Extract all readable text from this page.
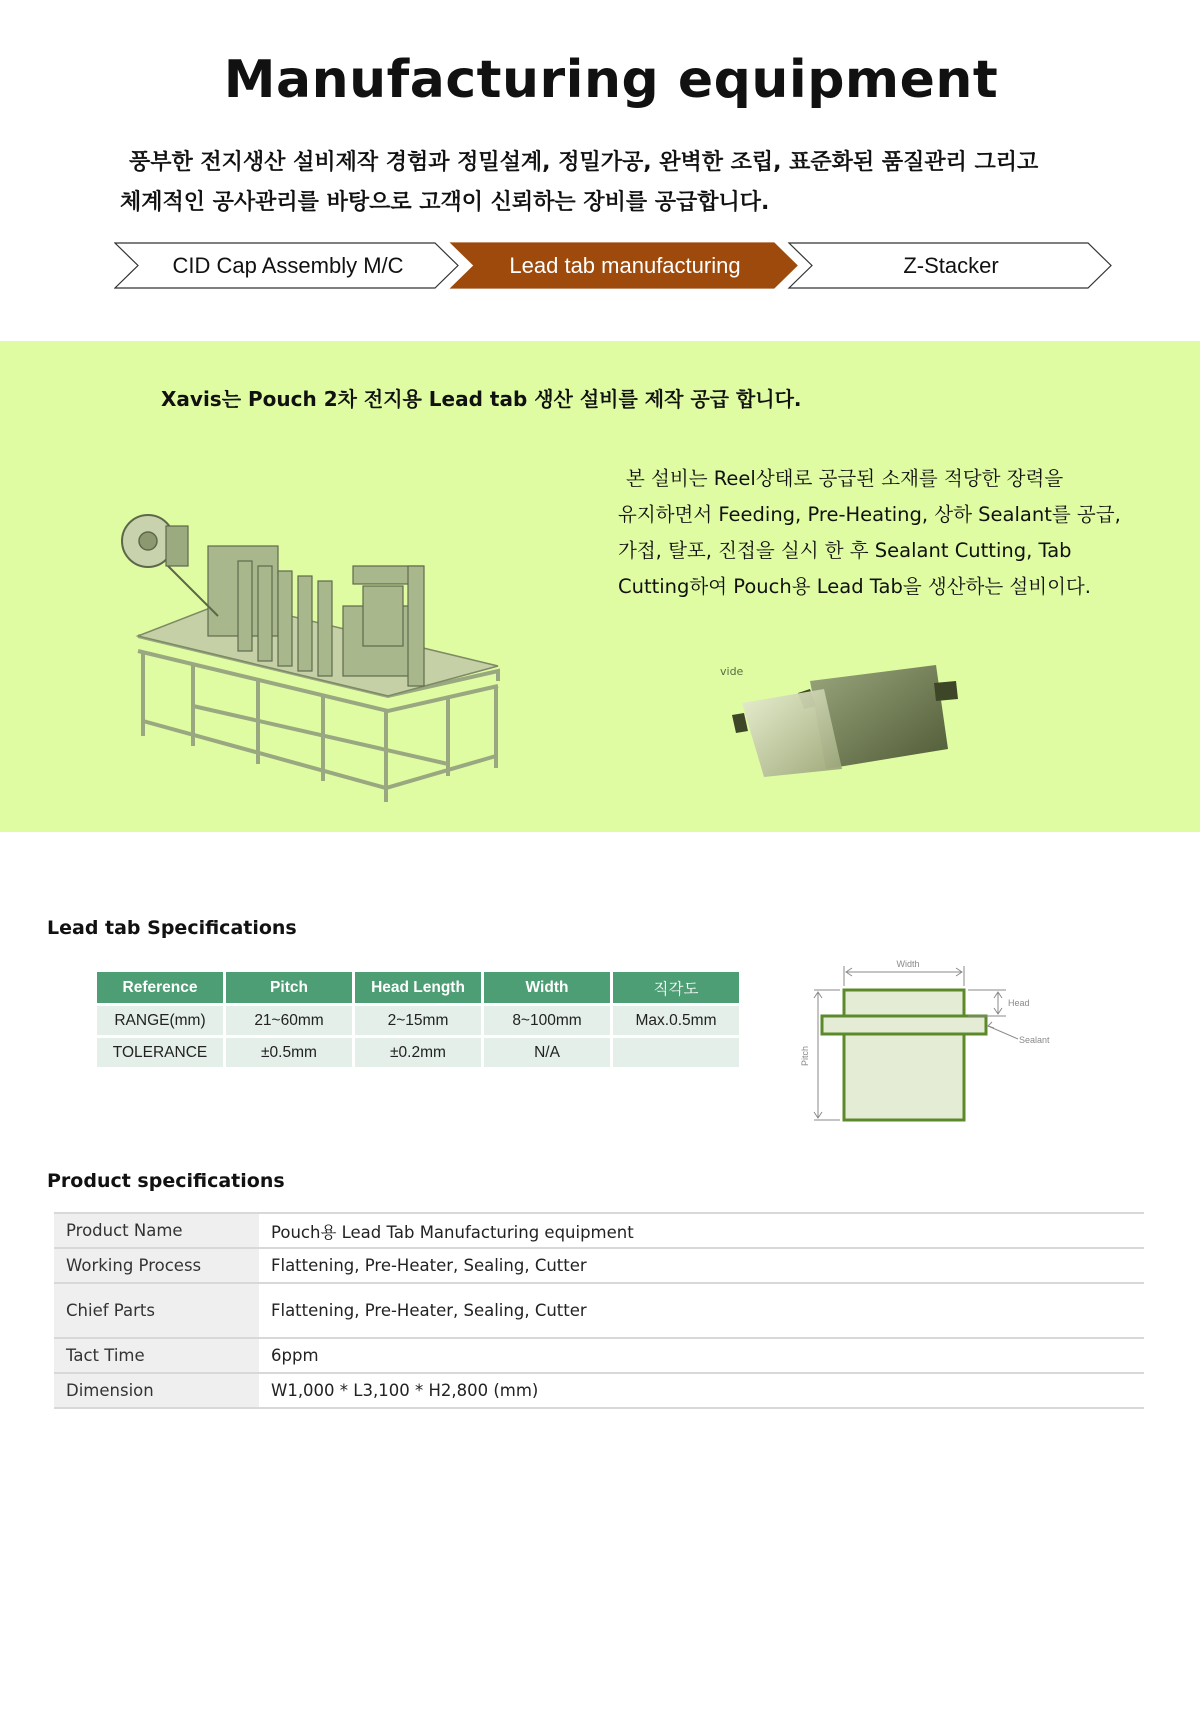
Manufacturing equipment
풍부한 전지생산 설비제작 경험과 정밀설계, 정밀가공, 완벽한 조립, 표준화된 품질관리 그리고
체계적인 공사관리를 바탕으로 고객이 신뢰하는 장비를 공급합니다.
CID Cap Assembly M/C	Lead tab manufacturing	Z-Stacker
Xavis는 Pouch 2차 전지용 Lead tab 생산 설비를 제작 공급 합니다.
본 설비는 Reel상태로 공급된 소재를 적당한 장력을
유지하면서 Feeding, Pre-Heating, 상하 Sealant를 공급,
가접, 탈포, 진접을 실시 한 후 Sealant Cutting, Tab
Cutting하여 Pouch용 Lead Tab을 생산하는 설비이다.
vide
Lead tab Specifications
Reference	Pitch	Head Length	Width	직각도
RANGE(mm)	21~60mm	2~15mm	8~100mm	Max.0.5mm
TOLERANCE	±0.5mm	±0.2mm	N/A	
Width
Head
Sealant
Pitch
Product specifications
Product Name	Pouch용 Lead Tab Manufacturing equipment
Working Process	Flattening, Pre-Heater, Sealing, Cutter
Chief Parts	Flattening, Pre-Heater, Sealing, Cutter
Tact Time	6ppm
Dimension	W1,000 * L3,100 * H2,800 (mm)
